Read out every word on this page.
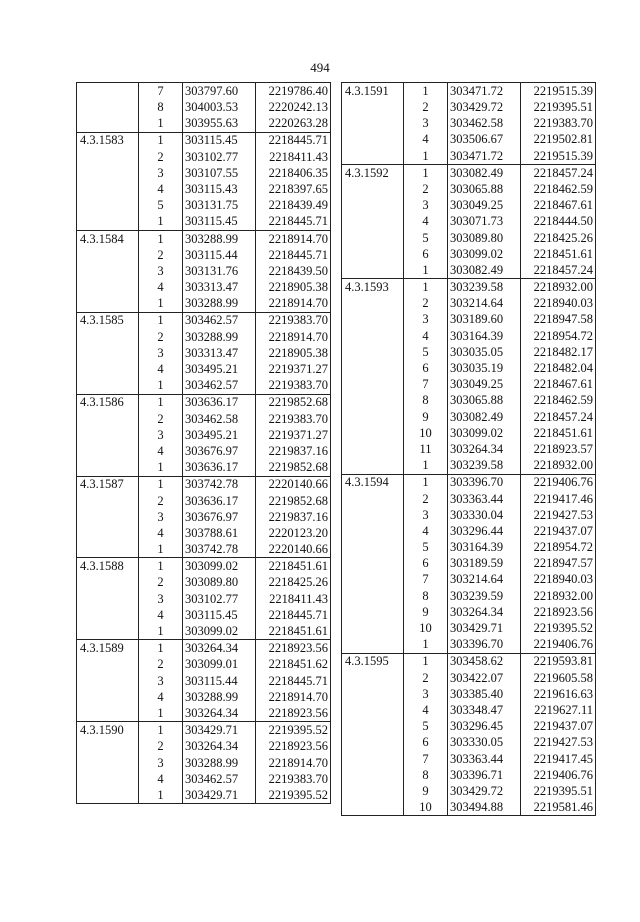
494
	7	303797.60	2219786.40
	8	304003.53	2220242.13
	1	303955.63	2220263.28
4.3.1583	1	303115.45	2218445.71
	2	303102.77	2218411.43
	3	303107.55	2218406.35
	4	303115.43	2218397.65
	5	303131.75	2218439.49
	1	303115.45	2218445.71
4.3.1584	1	303288.99	2218914.70
	2	303115.44	2218445.71
	3	303131.76	2218439.50
	4	303313.47	2218905.38
	1	303288.99	2218914.70
4.3.1585	1	303462.57	2219383.70
	2	303288.99	2218914.70
	3	303313.47	2218905.38
	4	303495.21	2219371.27
	1	303462.57	2219383.70
4.3.1586	1	303636.17	2219852.68
	2	303462.58	2219383.70
	3	303495.21	2219371.27
	4	303676.97	2219837.16
	1	303636.17	2219852.68
4.3.1587	1	303742.78	2220140.66
	2	303636.17	2219852.68
	3	303676.97	2219837.16
	4	303788.61	2220123.20
	1	303742.78	2220140.66
4.3.1588	1	303099.02	2218451.61
	2	303089.80	2218425.26
	3	303102.77	2218411.43
	4	303115.45	2218445.71
	1	303099.02	2218451.61
4.3.1589	1	303264.34	2218923.56
	2	303099.01	2218451.62
	3	303115.44	2218445.71
	4	303288.99	2218914.70
	1	303264.34	2218923.56
4.3.1590	1	303429.71	2219395.52
	2	303264.34	2218923.56
	3	303288.99	2218914.70
	4	303462.57	2219383.70
	1	303429.71	2219395.52
4.3.1591	1	303471.72	2219515.39
	2	303429.72	2219395.51
	3	303462.58	2219383.70
	4	303506.67	2219502.81
	1	303471.72	2219515.39
4.3.1592	1	303082.49	2218457.24
	2	303065.88	2218462.59
	3	303049.25	2218467.61
	4	303071.73	2218444.50
	5	303089.80	2218425.26
	6	303099.02	2218451.61
	1	303082.49	2218457.24
4.3.1593	1	303239.58	2218932.00
	2	303214.64	2218940.03
	3	303189.60	2218947.58
	4	303164.39	2218954.72
	5	303035.05	2218482.17
	6	303035.19	2218482.04
	7	303049.25	2218467.61
	8	303065.88	2218462.59
	9	303082.49	2218457.24
	10	303099.02	2218451.61
	11	303264.34	2218923.57
	1	303239.58	2218932.00
4.3.1594	1	303396.70	2219406.76
	2	303363.44	2219417.46
	3	303330.04	2219427.53
	4	303296.44	2219437.07
	5	303164.39	2218954.72
	6	303189.59	2218947.57
	7	303214.64	2218940.03
	8	303239.59	2218932.00
	9	303264.34	2218923.56
	10	303429.71	2219395.52
	1	303396.70	2219406.76
4.3.1595	1	303458.62	2219593.81
	2	303422.07	2219605.58
	3	303385.40	2219616.63
	4	303348.47	2219627.11
	5	303296.45	2219437.07
	6	303330.05	2219427.53
	7	303363.44	2219417.45
	8	303396.71	2219406.76
	9	303429.72	2219395.51
	10	303494.88	2219581.46
